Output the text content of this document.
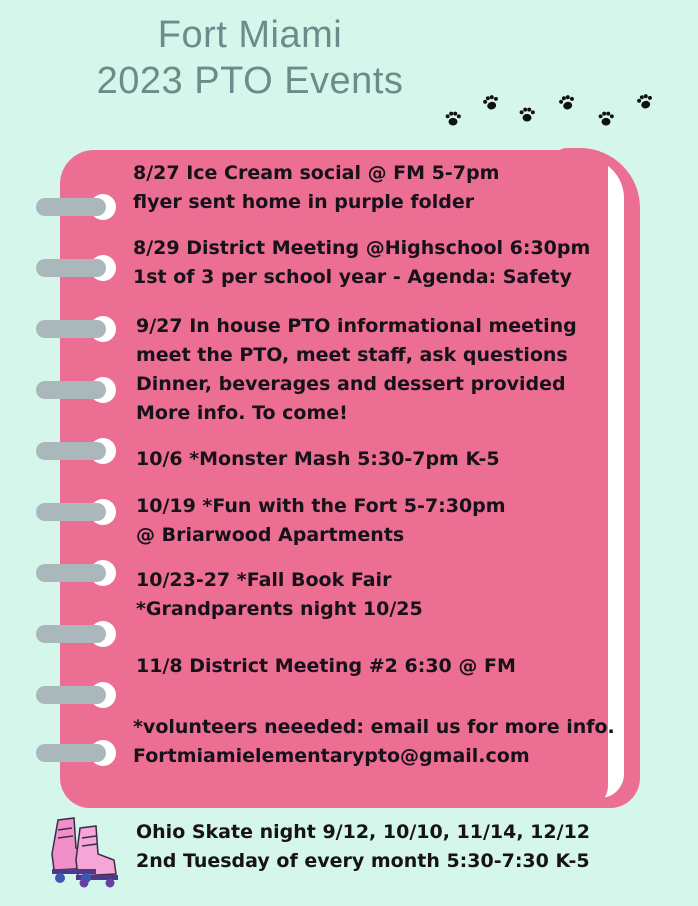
Fort Miami
2023 PTO Events
8/27 Ice Cream social @ FM 5-7pm
flyer sent home in purple folder
8/29 District Meeting @Highschool 6:30pm
1st of 3 per school year - Agenda: Safety
9/27 In house PTO informational meeting
meet the PTO, meet staff, ask questions
Dinner, beverages and dessert provided
More info. To come!
10/6 *Monster Mash 5:30-7pm K-5
10/19 *Fun with the Fort 5-7:30pm
@ Briarwood Apartments
10/23-27 *Fall Book Fair
*Grandparents night 10/25
11/8 District Meeting #2 6:30 @ FM
*volunteers neeeded: email us for more info.
Fortmiamielementarypto@gmail.com
Ohio Skate night 9/12, 10/10, 11/14, 12/12
2nd Tuesday of every month 5:30-7:30 K-5
